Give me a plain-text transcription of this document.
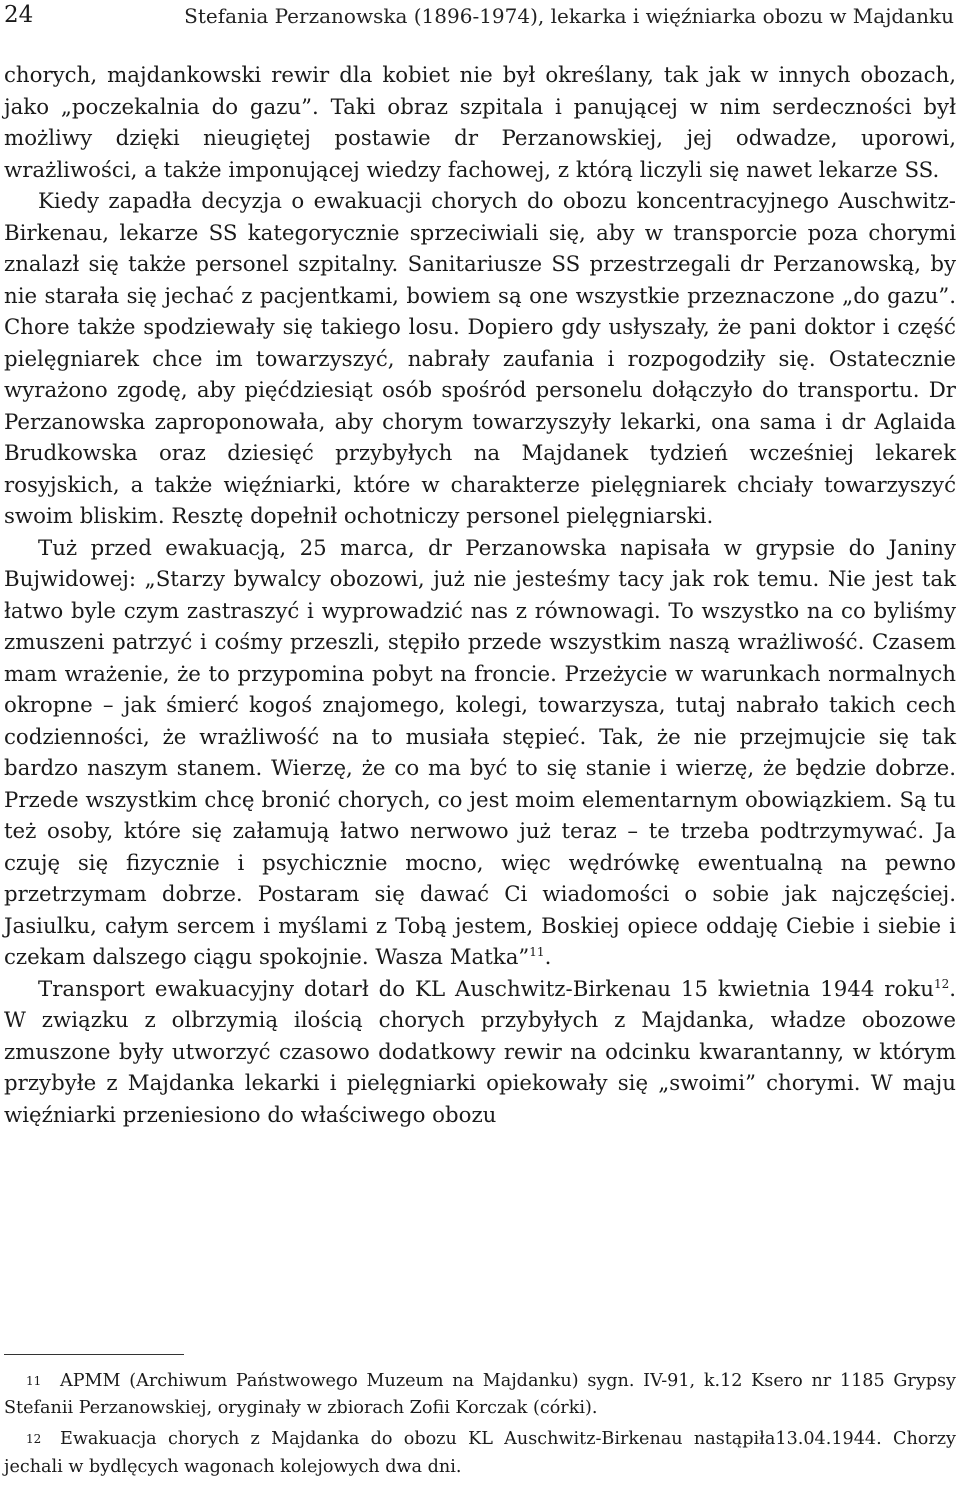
24	Stefania Perzanowska (1896-1974), lekarka i więźniarka obozu w Majdanku

chorych, majdankowski rewir dla kobiet nie był określany, tak jak w innych obozach, jako „poczekalnia do gazu”. Taki obraz szpitala i panującej w nim serdeczności był możliwy dzięki nieugiętej postawie dr Perzanowskiej, jej odwadze, uporowi, wrażliwości, a także imponującej wiedzy fachowej, z którą liczyli się nawet lekarze SS.

Kiedy zapadła decyzja o ewakuacji chorych do obozu koncentracyjnego Auschwitz-Birkenau, lekarze SS kategorycznie sprzeciwiali się, aby w transporcie poza chorymi znalazł się także personel szpitalny. Sanitariusze SS przestrzegali dr Perzanowską, by nie starała się jechać z pacjentkami, bowiem są one wszystkie przeznaczone „do gazu”. Chore także spodziewały się takiego losu. Dopiero gdy usłyszały, że pani doktor i część pielęgniarek chce im towarzyszyć, nabrały zaufania i rozpogodziły się. Ostatecznie wyrażono zgodę, aby pięćdziesiąt osób spośród personelu dołączyło do transportu. Dr Perzanowska zaproponowała, aby chorym towarzyszyły lekarki, ona sama i dr Aglaida Brudkowska oraz dziesięć przybyłych na Majdanek tydzień wcześniej lekarek rosyjskich, a także więźniarki, które w charakterze pielęgniarek chciały towarzyszyć swoim bliskim. Resztę dopełnił ochotniczy personel pielęgniarski.

Tuż przed ewakuacją, 25 marca, dr Perzanowska napisała w grypsie do Janiny Bujwidowej: „Starzy bywalcy obozowi, już nie jesteśmy tacy jak rok temu. Nie jest tak łatwo byle czym zastraszyć i wyprowadzić nas z równowagi. To wszystko na co byliśmy zmuszeni patrzyć i cośmy przeszli, stępiło przede wszystkim naszą wrażliwość. Czasem mam wrażenie, że to przypomina pobyt na froncie. Przeżycie w warunkach normalnych okropne – jak śmierć kogoś znajomego, kolegi, towarzysza, tutaj nabrało takich cech codzienności, że wrażliwość na to musiała stępieć. Tak, że nie przejmujcie się tak bardzo naszym stanem. Wierzę, że co ma być to się stanie i wierzę, że będzie dobrze. Przede wszystkim chcę bronić chorych, co jest moim elementarnym obowiązkiem. Są tu też osoby, które się załamują łatwo nerwowo już teraz – te trzeba podtrzymywać. Ja czuję się fizycznie i psychicznie mocno, więc wędrówkę ewentualną na pewno przetrzymam dobrze. Postaram się dawać Ci wiadomości o sobie jak najczęściej. Jasiulku, całym sercem i myślami z Tobą jestem, Boskiej opiece oddaję Ciebie i siebie i czekam dalszego ciągu spokojnie. Wasza Matka”$^{11}$.

Transport ewakuacyjny dotarł do KL Auschwitz-Birkenau 15 kwietnia 1944 roku$^{12}$. W związku z olbrzymią ilością chorych przybyłych z Majdanka, władze obozowe zmuszone były utworzyć czasowo dodatkowy rewir na odcinku kwarantanny, w którym przybyłe z Majdanka lekarki i pielęgniarki opiekowały się „swoimi” chorymi. W maju więźniarki przeniesiono do właściwego obozu

11 APMM (Archiwum Państwowego Muzeum na Majdanku) sygn. IV-91, k.12 Ksero nr 1185 Grypsy Stefanii Perzanowskiej, oryginały w zbiorach Zofii Korczak (córki).

12 Ewakuacja chorych z Majdanka do obozu KL Auschwitz-Birkenau nastąpiła13.04.1944. Chorzy jechali w bydlęcych wagonach kolejowych dwa dni.
